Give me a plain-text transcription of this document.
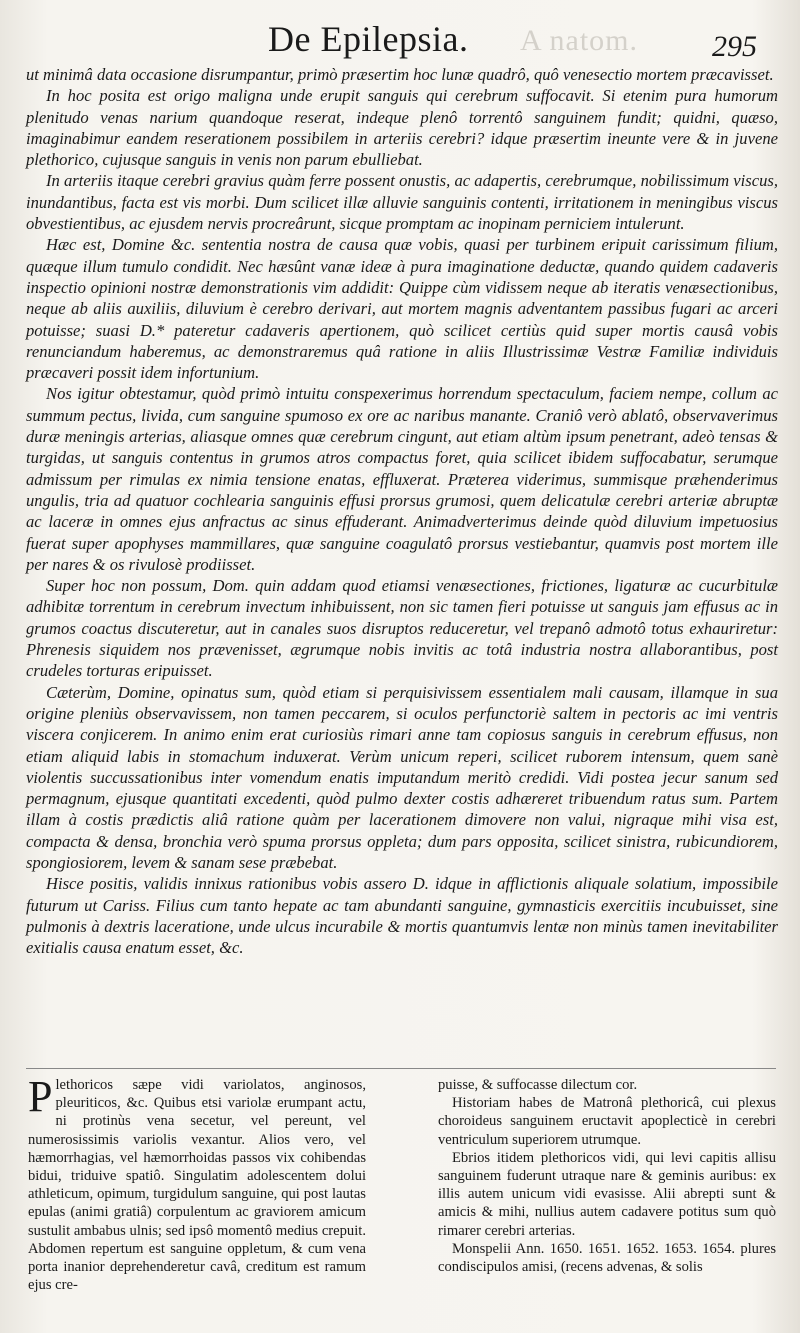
A natom.
De Epilepsia.	295

ut minimâ data occasione disrumpantur, primò præsertim hoc lunæ quadrô, quô venesectio mortem præcavisset.

In hoc posita est origo maligna unde erupit sanguis qui cerebrum suffocavit. Si etenim pura humorum plenitudo venas narium quandoque reserat, indeque plenô torrentô sanguinem fundit; quidni, quæso, imaginabimur eandem reserationem possibilem in arteriis cerebri? idque præsertim ineunte vere & in juvene plethorico, cujusque sanguis in venis non parum ebulliebat.

In arteriis itaque cerebri gravius quàm ferre possent onustis, ac adapertis, cerebrumque, nobilissimum viscus, inundantibus, facta est vis morbi. Dum scilicet illæ alluvie sanguinis contenti, irritationem in meningibus viscus obvestientibus, ac ejusdem nervis procreârunt, sicque promptam ac inopinam perniciem intulerunt.

Hæc est, Domine &c. sententia nostra de causa quæ vobis, quasi per turbinem eripuit carissimum filium, quæque illum tumulo condidit. Nec hæsûnt vanæ ideæ à pura imaginatione deductæ, quando quidem cadaveris inspectio opinioni nostræ demonstrationis vim addidit: Quippe cùm vidissem neque ab iteratis venæsectionibus, neque ab aliis auxiliis, diluvium è cerebro derivari, aut mortem magnis adventantem passibus fugari ac arceri potuisse; suasi D.* pateretur cadaveris apertionem, quò scilicet certiùs quid super mortis causâ vobis renunciandum haberemus, ac demonstraremus quâ ratione in aliis Illustrissimæ Vestræ Familiæ individuis præcaveri possit idem infortunium.

Nos igitur obtestamur, quòd primò intuitu conspexerimus horrendum spectaculum, faciem nempe, collum ac summum pectus, livida, cum sanguine spumoso ex ore ac naribus manante. Craniô verò ablatô, observaverimus duræ meningis arterias, aliasque omnes quæ cerebrum cingunt, aut etiam altùm ipsum penetrant, adeò tensas & turgidas, ut sanguis contentus in grumos atros compactus foret, quia scilicet ibidem suffocabatur, serumque admissum per rimulas ex nimia tensione enatas, effluxerat. Præterea viderimus, summisque præhenderimus ungulis, tria ad quatuor cochlearia sanguinis effusi prorsus grumosi, quem delicatulæ cerebri arteriæ abruptæ ac laceræ in omnes ejus anfractus ac sinus effuderant. Animadverterimus deinde quòd diluvium impetuosius fuerat super apophyses mammillares, quæ sanguine coagulatô prorsus vestiebantur, quamvis post mortem ille per nares & os rivulosè prodiisset.

Super hoc non possum, Dom. quin addam quod etiamsi venæsectiones, frictiones, ligaturæ ac cucurbitulæ adhibitæ torrentum in cerebrum invectum inhibuissent, non sic tamen fieri potuisse ut sanguis jam effusus ac in grumos coactus discuteretur, aut in canales suos disruptos reduceretur, vel trepanô admotô totus exhauriretur: Phrenesis siquidem nos prævenisset, ægrumque nobis invitis ac totâ industria nostra allaborantibus, post crudeles torturas eripuisset.

Cæterùm, Domine, opinatus sum, quòd etiam si perquisivissem essentialem mali causam, illamque in sua origine pleniùs observavissem, non tamen peccarem, si oculos perfunctoriè saltem in pectoris ac imi ventris viscera conjicerem. In animo enim erat curiosiùs rimari anne tam copiosus sanguis in cerebrum effusus, non etiam aliquid labis in stomachum induxerat. Verùm unicum reperi, scilicet ruborem intensum, quem sanè violentis succussationibus inter vomendum enatis imputandum meritò credidi. Vidi postea jecur sanum sed permagnum, ejusque quantitati excedenti, quòd pulmo dexter costis adhæreret tribuendum ratus sum. Partem illam à costis prædictis aliâ ratione quàm per lacerationem dimovere non valui, nigraque mihi visa est, compacta & densa, bronchia verò spuma prorsus oppleta; dum pars opposita, scilicet sinistra, rubicundiorem, spongiosiorem, levem & sanam sese præbebat.

Hisce positis, validis innixus rationibus vobis assero D. idque in afflictionis aliquale solatium, impossibile futurum ut Cariss. Filius cum tanto hepate ac tam abundanti sanguine, gymnasticis exercitiis incubuisset, sine pulmonis à dextris laceratione, unde ulcus incurabile & mortis quantumvis lentæ non minùs tamen inevitabiliter exitialis causa enatum esset, &c.

Plethoricos sæpe vidi variolatos, anginosos, pleuriticos, &c. Quibus etsi variolæ erumpant actu, ni protinùs vena secetur, vel pereunt, vel numerosissimis variolis vexantur. Alios vero, vel hæmorrhagias, vel hæmorrhoidas passos vix cohibendas bidui, triduive spatiô. Singulatim adolescentem dolui athleticum, opimum, turgidulum sanguine, qui post lautas epulas (animi gratiâ) corpulentum ac graviorem amicum sustulit ambabus ulnis; sed ipsô momentô medius crepuit. Abdomen repertum est sanguine oppletum, & cum vena porta inanior deprehenderetur cavâ, creditum est ramum ejus cre-

puisse, & suffocasse dilectum cor.

Historiam habes de Matronâ plethoricâ, cui plexus choroideus sanguinem eructavit apoplecticè in cerebri ventriculum superiorem utrumque.

Ebrios itidem plethoricos vidi, qui levi capitis allisu sanguinem fuderunt utraque nare & geminis auribus: ex illis autem unicum vidi evasisse. Alii abrepti sunt & amicis & mihi, nullius autem cadavere potitus sum quò rimarer cerebri arterias.

Monspelii Ann. 1650. 1651. 1652. 1653. 1654. plures condiscipulos amisi, (recens advenas, & solis
